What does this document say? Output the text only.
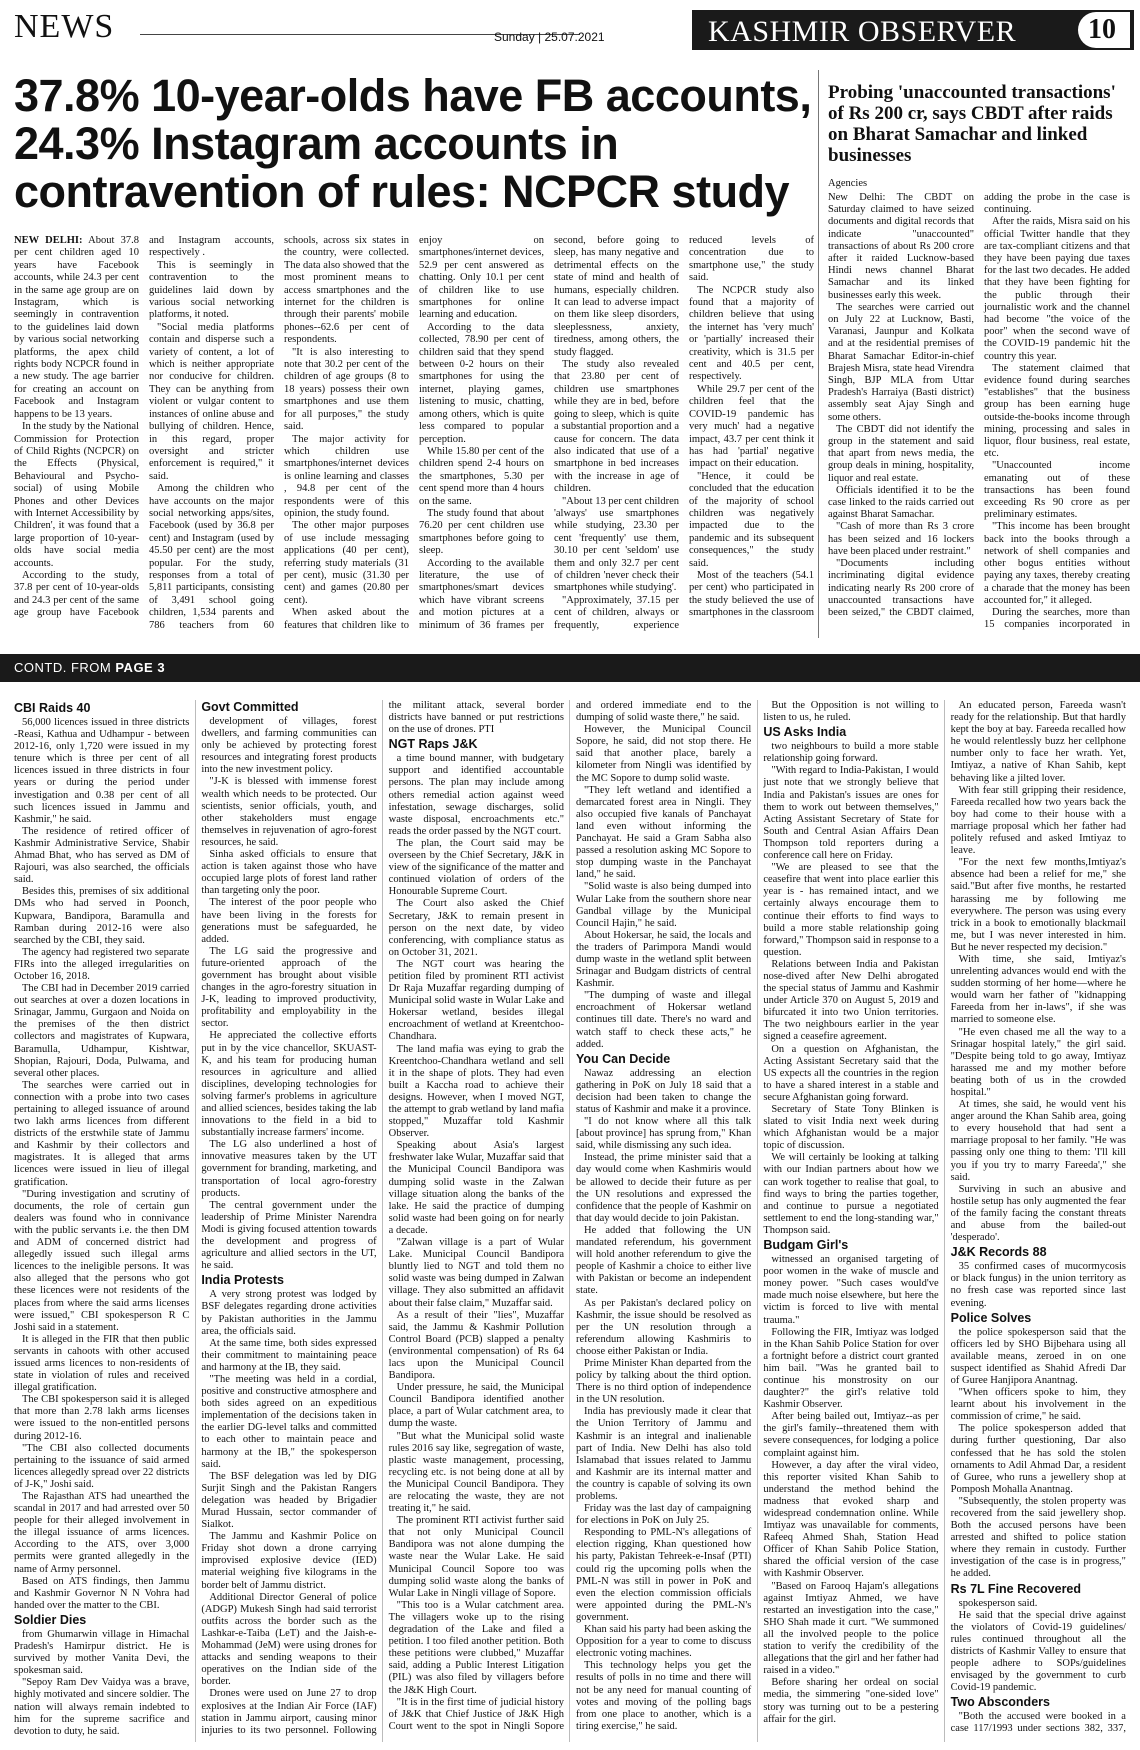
NEWS	Sunday | 25.07.2021	KASHMIR OBSERVER	10
37.8% 10-year-olds have FB accounts, 24.3% Instagram accounts in contravention of rules: NCPCR study

NEW DELHI: About 37.8 per cent children aged 10 years have Facebook accounts, while 24.3 per cent in the same age group are on Instagram, which is seemingly in contravention to the guidelines laid down by various social networking platforms, the apex child rights body NCPCR found in a new study. The age barrier for creating an account on Facebook and Instagram happens to be 13 years.

In the study by the National Commission for Protection of Child Rights (NCPCR) on the Effects (Physical, Behavioural and Psycho-social) of using Mobile Phones and other Devices with Internet Accessibility by Children', it was found that a large proportion of 10-year-olds have social media accounts.

According to the study, 37.8 per cent of 10-year-olds and 24.3 per cent of the same age group have Facebook and Instagram accounts, respectively .

This is seemingly in contravention to the guidelines laid down by various social networking platforms, it noted.

"Social media platforms contain and disperse such a variety of content, a lot of which is neither appropriate nor conducive for children. They can be anything from violent or vulgar content to instances of online abuse and bullying of children. Hence, in this regard, proper oversight and stricter enforcement is required," it said.

Among the children who have accounts on the major social networking apps/sites, Facebook (used by 36.8 per cent) and Instagram (used by 45.50 per cent) are the most popular. For the study, responses from a total of 5,811 participants, consisting of 3,491 school going children, 1,534 parents and 786 teachers from 60 schools, across six states in the country, were collected. The data also showed that the most prominent means to access smartphones and the internet for the children is through their parents' mobile phones--62.6 per cent of respondents.

"It is also interesting to note that 30.2 per cent of the children of age groups (8 to 18 years) possess their own smartphones and use them for all purposes," the study said.

The major activity for which children use smartphones/internet devices is online learning and classes , 94.8 per cent of the respondents were of this opinion, the study found.

The other major purposes of use include messaging applications (40 per cent), referring study materials (31 per cent), music (31.30 per cent) and games (20.80 per cent).

When asked about the features that children like to enjoy on smartphones/internet devices, 52.9 per cent answered as chatting. Only 10.1 per cent of children like to use smartphones for online learning and education.

According to the data collected, 78.90 per cent of children said that they spend between 0-2 hours on their smartphones for using the internet, playing games, listening to music, chatting, among others, which is quite less compared to popular perception.

While 15.80 per cent of the children spend 2-4 hours on the smartphones, 5.30 per cent spend more than 4 hours on the same.

The study found that about 76.20 per cent children use smartphones before going to sleep.

According to the available literature, the use of smartphones/smart devices which have vibrant screens and motion pictures at a minimum of 36 frames per second, before going to sleep, has many negative and detrimental effects on the state of mind and health of humans, especially children. It can lead to adverse impact on them like sleep disorders, sleeplessness, anxiety, tiredness, among others, the study flagged.

The study also revealed that 23.80 per cent of children use smartphones while they are in bed, before going to sleep, which is quite a substantial proportion and a cause for concern. The data also indicated that use of a smartphone in bed increases with the increase in age of children.

"About 13 per cent children 'always' use smartphones while studying, 23.30 per cent 'frequently' use them, 30.10 per cent 'seldom' use them and only 32.7 per cent of children 'never check their smartphones while studying'.

"Approximately, 37.15 per cent of children, always or frequently, experience reduced levels of concentration due to smartphone use," the study said.

The NCPCR study also found that a majority of children believe that using the internet has 'very much' or 'partially' increased their creativity, which is 31.5 per cent and 40.5 per cent, respectively.

While 29.7 per cent of the children feel that the COVID-19 pandemic has very much' had a negative impact, 43.7 per cent think it has had 'partial' negative impact on their education.

"Hence, it could be concluded that the education of the majority of school children was negatively impacted due to the pandemic and its subsequent consequences," the study said.

Most of the teachers (54.1 per cent) who participated in the study believed the use of smartphones in the classroom

Probing 'unaccounted transactions' of Rs 200 cr, says CBDT after raids on Bharat Samachar and linked businesses
Agencies

New Delhi: The CBDT on Saturday claimed to have seized documents and digital records that indicate "unaccounted" transactions of about Rs 200 crore after it raided Lucknow-based Hindi news channel Bharat Samachar and its linked businesses early this week.

The searches were carried out on July 22 at Lucknow, Basti, Varanasi, Jaunpur and Kolkata and at the residential premises of Bharat Samachar Editor-in-chief Brajesh Misra, state head Virendra Singh, BJP MLA from Uttar Pradesh's Harraiya (Basti district) assembly seat Ajay Singh and some others.

The CBDT did not identify the group in the statement and said that apart from news media, the group deals in mining, hospitality, liquor and real estate.

Officials identified it to be the case linked to the raids carried out against Bharat Samachar.

"Cash of more than Rs 3 crore has been seized and 16 lockers have been placed under restraint."

"Documents including incriminating digital evidence indicating nearly Rs 200 crore of unaccounted transactions have been seized," the CBDT claimed, adding the probe in the case is continuing.

After the raids, Misra said on his official Twitter handle that they are tax-compliant citizens and that they have been paying due taxes for the last two decades. He added that they have been fighting for the public through their journalistic work and the channel had become "the voice of the poor" when the second wave of the COVID-19 pandemic hit the country this year.

The statement claimed that evidence found during searches "establishes" that the business group has been earning huge outside-the-books income through mining, processing and sales in liquor, flour business, real estate, etc.

"Unaccounted income emanating out of these transactions has been found exceeding Rs 90 crore as per preliminary estimates.

"This income has been brought back into the books through a network of shell companies and other bogus entities without paying any taxes, thereby creating a charade that the money has been accounted for," it alleged.

During the searches, more than 15 companies incorporated in

CONTD. FROM PAGE 3
CBI Raids 40

56,000 licences issued in three districts -Reasi, Kathua and Udhampur - between 2012-16, only 1,720 were issued in my tenure which is three per cent of all licences issued in three districts in four years or during the period under investigation and 0.38 per cent of all such licences issued in Jammu and Kashmir," he said.

The residence of retired officer of Kashmir Administrative Service, Shabir Ahmad Bhat, who has served as DM of Rajouri, was also searched, the officials said.

Besides this, premises of six additional DMs who had served in Poonch, Kupwara, Bandipora, Baramulla and Ramban during 2012-16 were also searched by the CBI, they said.

The agency had registered two separate FIRs into the alleged irregularities on October 16, 2018.

The CBI had in December 2019 carried out searches at over a dozen locations in Srinagar, Jammu, Gurgaon and Noida on the premises of the then district collectors and magistrates of Kupwara, Baramulla, Udhampur, Kishtwar, Shopian, Rajouri, Doda, Pulwama, and several other places.

The searches were carried out in connection with a probe into two cases pertaining to alleged issuance of around two lakh arms licences from different districts of the erstwhile state of Jammu and Kashmir by their collectors and magistrates. It is alleged that arms licences were issued in lieu of illegal gratification.

"During investigation and scrutiny of documents, the role of certain gun dealers was found who in connivance with the public servants i.e. the then DM and ADM of concerned district had allegedly issued such illegal arms licences to the ineligible persons. It was also alleged that the persons who got these licences were not residents of the places from where the said arms licenses were issued," CBI spokesperson R C Joshi said in a statement.

It is alleged in the FIR that then public servants in cahoots with other accused issued arms licences to non-residents of state in violation of rules and received illegal gratification.

The CBI spokesperson said it is alleged that more than 2.78 lakh arms licenses were issued to the non-entitled persons during 2012-16.

"The CBI also collected documents pertaining to the issuance of said armed licences allegedly spread over 22 districts of J-K," Joshi said.

The Rajasthan ATS had unearthed the scandal in 2017 and had arrested over 50 people for their alleged involvement in the illegal issuance of arms licences. According to the ATS, over 3,000 permits were granted allegedly in the name of Army personnel.

Based on ATS findings, then Jammu and Kashmir Governor N N Vohra had handed over the matter to the CBI.

Soldier Dies

from Ghumarwin village in Himachal Pradesh's Hamirpur district. He is survived by mother Vanita Devi, the spokesman said.

"Sepoy Ram Dev Vaidya was a brave, highly motivated and sincere soldier. The nation will always remain indebted to him for the supreme sacrifice and devotion to duty, he said.

Govt Committed

development of villages, forest dwellers, and farming communities can only be achieved by protecting forest resources and integrating forest products into the new investment policy.

"J-K is blessed with immense forest wealth which needs to be protected. Our scientists, senior officials, youth, and other stakeholders must engage themselves in rejuvenation of agro-forest resources, he said.

Sinha asked officials to ensure that action is taken against those who have occupied large plots of forest land rather than targeting only the poor.

The interest of the poor people who have been living in the forests for generations must be safeguarded, he added.

The LG said the progressive and future-oriented approach of the government has brought about visible changes in the agro-forestry situation in J-K, leading to improved productivity, profitability and employability in the sector.

He appreciated the collective efforts put in by the vice chancellor, SKUAST-K, and his team for producing human resources in agriculture and allied disciplines, developing technologies for solving farmer's problems in agriculture and allied sciences, besides taking the lab innovations to the field in a bid to substantially increase farmers' income.

The LG also underlined a host of innovative measures taken by the UT government for branding, marketing, and transportation of local agro-forestry products.

The central government under the leadership of Prime Minister Narendra Modi is giving focused attention towards the development and progress of agriculture and allied sectors in the UT, he said.

India Protests

A very strong protest was lodged by BSF delegates regarding drone activities by Pakistan authorities in the Jammu area, the officials said.

At the same time, both sides expressed their commitment to maintaining peace and harmony at the IB, they said.

"The meeting was held in a cordial, positive and constructive atmosphere and both sides agreed on an expeditious implementation of the decisions taken in the earlier DG-level talks and committed to each other to maintain peace and harmony at the IB," the spokesperson said.

The BSF delegation was led by DIG Surjit Singh and the Pakistan Rangers delegation was headed by Brigadier Murad Hussain, sector commander of Sialkot.

The Jammu and Kashmir Police on Friday shot down a drone carrying improvised explosive device (IED) material weighing five kilograms in the border belt of Jammu district.

Additional Director General of police (ADGP) Mukesh Singh had said terrorist outfits across the border such as the Lashkar-e-Taiba (LeT) and the Jaish-e-Mohammad (JeM) were using drones for attacks and sending weapons to their operatives on the Indian side of the border.

Drones were used on June 27 to drop explosives at the Indian Air Force (IAF) station in Jammu airport, causing minor injuries to its two personnel. Following the militant attack, several border districts have banned or put restrictions on the use of drones. PTI

NGT Raps J&K

a time bound manner, with budgetary support and identified accountable persons. The plan may include among others remedial action against weed infestation, sewage discharges, solid waste disposal, encroachments etc." reads the order passed by the NGT court.

The plan, the Court said may be overseen by the Chief Secretary, J&K in view of the significance of the matter and continued violation of orders of the Honourable Supreme Court.

The Court also asked the Chief Secretary, J&K to remain present in person on the next date, by video conferencing, with compliance status as on October 31, 2021.

The NGT court was hearing the petition filed by prominent RTI activist Dr Raja Muzaffar regarding dumping of Municipal solid waste in Wular Lake and Hokersar wetland, besides illegal encroachment of wetland at Kreentchoo-Chandhara.

The land mafia was eying to grab the Kreentchoo-Chandhara wetland and sell it in the shape of plots. They had even built a Kaccha road to achieve their designs. However, when I moved NGT, the attempt to grab wetland by land mafia stopped," Muzaffar told Kashmir Observer.

Speaking about Asia's largest freshwater lake Wular, Muzaffar said that the Municipal Council Bandipora was dumping solid waste in the Zalwan village situation along the banks of the lake. He said the practice of dumping solid waste had been going on for nearly a decade.

"Zalwan village is a part of Wular Lake. Municipal Council Bandipora bluntly lied to NGT and told them no solid waste was being dumped in Zalwan village. They also submitted an affidavit about their false claim," Muzaffar said.

As a result of their "lies", Muzaffar said, the Jammu & Kashmir Pollution Control Board (PCB) slapped a penalty (environmental compensation) of Rs 64 lacs upon the Municipal Council Bandipora.

Under pressure, he said, the Municipal Council Bandipora identified another place, a part of Wular catchment area, to dump the waste.

"But what the Municipal solid waste rules 2016 say like, segregation of waste, plastic waste management, processing, recycling etc. is not being done at all by the Municipal Council Bandipora. They are relocating the waste, they are not treating it," he said.

The prominent RTI activist further said that not only Municipal Council Bandipora was not alone dumping the waste near the Wular Lake. He said Municipal Council Sopore too was dumping solid waste along the banks of Wular Lake in Ningli village of Sopore.

"This too is a Wular catchment area. The villagers woke up to the rising degradation of the Lake and filed a petition. I too filed another petition. Both these petitions were clubbed," Muzaffar said, adding a Public Interest Litigation (PIL) was also filed by villagers before the J&K High Court.

"It is in the first time of judicial history of J&K that Chief Justice of J&K High Court went to the spot in Ningli Sopore and ordered immediate end to the dumping of solid waste there," he said.

However, the Municipal Council Sopore, he said, did not stop there. He said that another place, barely a kilometer from Ningli was identified by the MC Sopore to dump solid waste.

"They left wetland and identified a demarcated forest area in Ningli. They also occupied five kanals of Panchayat land even without informing the Panchayat. He said a Gram Sabha also passed a resolution asking MC Sopore to stop dumping waste in the Panchayat land," he said.

"Solid waste is also being dumped into Wular Lake from the southern shore near Gandbal village by the Municipal Council Hajin," he said.

About Hokersar, he said, the locals and the traders of Parimpora Mandi would dump waste in the wetland split between Srinagar and Budgam districts of central Kashmir.

"The dumping of waste and illegal encroachment of Hokersar wetland continues till date. There's no ward and watch staff to check these acts," he added.

You Can Decide

Nawaz addressing an election gathering in PoK on July 18 said that a decision had been taken to change the status of Kashmir and make it a province.

"I do not know where all this talk [about province] has sprung from," Khan said, while dismissing any such idea.

Instead, the prime minister said that a day would come when Kashmiris would be allowed to decide their future as per the UN resolutions and expressed the confidence that the people of Kashmir on that day would decide to join Pakistan.

He added that following the UN mandated referendum, his government will hold another referendum to give the people of Kashmir a choice to either live with Pakistan or become an independent state.

As per Pakistan's declared policy on Kashmir, the issue should be resolved as per the UN resolution through a referendum allowing Kashmiris to choose either Pakistan or India.

Prime Minister Khan departed from the policy by talking about the third option. There is no third option of independence in the UN resolution.

India has previously made it clear that the Union Territory of Jammu and Kashmir is an integral and inalienable part of India. New Delhi has also told Islamabad that issues related to Jammu and Kashmir are its internal matter and the country is capable of solving its own problems.

Friday was the last day of campaigning for elections in PoK on July 25.

Responding to PML-N's allegations of election rigging, Khan questioned how his party, Pakistan Tehreek-e-Insaf (PTI) could rig the upcoming polls when the PML-N was still in power in PoK and even the election commission officials were appointed during the PML-N's government.

Khan said his party had been asking the Opposition for a year to come to discuss electronic voting machines.

This technology helps you get the results of polls in no time and there will not be any need for manual counting of votes and moving of the polling bags from one place to another, which is a tiring exercise," he said.

But the Opposition is not willing to listen to us, he ruled.

US Asks India

two neighbours to build a more stable relationship going forward.

"With regard to India-Pakistan, I would just note that we strongly believe that India and Pakistan's issues are ones for them to work out between themselves," Acting Assistant Secretary of State for South and Central Asian Affairs Dean Thompson told reporters during a conference call here on Friday.

"We are pleased to see that the ceasefire that went into place earlier this year is - has remained intact, and we certainly always encourage them to continue their efforts to find ways to build a more stable relationship going forward," Thompson said in response to a question.

Relations between India and Pakistan nose-dived after New Delhi abrogated the special status of Jammu and Kashmir under Article 370 on August 5, 2019 and bifurcated it into two Union territories. The two neighbours earlier in the year signed a ceasefire agreement.

On a question on Afghanistan, the Acting Assistant Secretary said that the US expects all the countries in the region to have a shared interest in a stable and secure Afghanistan going forward.

Secretary of State Tony Blinken is slated to visit India next week during which Afghanistan would be a major topic of discussion.

We will certainly be looking at talking with our Indian partners about how we can work together to realise that goal, to find ways to bring the parties together, and continue to pursue a negotiated settlement to end the long-standing war," Thompson said.

Budgam Girl's

witnessed an organised targeting of poor women in the wake of muscle and money power. "Such cases would've made much noise elsewhere, but here the victim is forced to live with mental trauma."

Following the FIR, Imtiyaz was lodged in the Khan Sahib Police Station for over a fortnight before a district court granted him bail. "Was he granted bail to continue his monstrosity on our daughter?" the girl's relative told Kashmir Observer.

After being bailed out, Imtiyaz--as per the girl's family--threatened them with severe consequences, for lodging a police complaint against him.

However, a day after the viral video, this reporter visited Khan Sahib to understand the method behind the madness that evoked sharp and widespread condemnation online. While Imtiyaz was unavailable for comments, Rafeeq Ahmed Shah, Station Head Officer of Khan Sahib Police Station, shared the official version of the case with Kashmir Observer.

"Based on Farooq Hajam's allegations against Imtiyaz Ahmed, we have restarted an investigation into the case," SHO Shah made it curt. "We summoned all the involved people to the police station to verify the credibility of the allegations that the girl and her father had raised in a video."

Before sharing her ordeal on social media, the simmering "one-sided love" story was turning out to be a pestering affair for the girl.

An educated person, Fareeda wasn't ready for the relationship. But that hardly kept the boy at bay. Fareeda recalled how he would relentlessly buzz her cellphone number only to face her wrath. Yet, Imtiyaz, a native of Khan Sahib, kept behaving like a jilted lover.

With fear still gripping their residence, Fareeda recalled how two years back the boy had come to their house with a marriage proposal which her father had politely refused and asked Imtiyaz to leave.

"For the next few months,Imtiyaz's absence had been a relief for me," she said."But after five months, he restarted harassing me by following me everywhere. The person was using every trick in a book to emotionally blackmail me, but I was never interested in him. But he never respected my decision."

With time, she said, Imtiyaz's unrelenting advances would end with the sudden storming of her home—where he would warn her father of "kidnapping Fareeda from her in-laws", if she was married to someone else.

"He even chased me all the way to a Srinagar hospital lately," the girl said. "Despite being told to go away, Imtiyaz harassed me and my mother before beating both of us in the crowded hospital."

At times, she said, he would vent his anger around the Khan Sahib area, going to every household that had sent a marriage proposal to her family. "He was passing only one thing to them: 'I'll kill you if you try to marry Fareeda'," she said.

Surviving in such an abusive and hostile setup has only augmented the fear of the family facing the constant threats and abuse from the bailed-out 'desperado'.

J&K Records 88

35 confirmed cases of mucormycosis or black fungus) in the union territory as no fresh case was reported since last evening.

Police Solves

the police spokesperson said that the officers led by SHO Bijbehara using all available means, zeroed in on one suspect identified as Shahid Afredi Dar of Guree Hanjipora Anantnag.

"When officers spoke to him, they learnt about his involvement in the commission of crime," he said.

The police spokesperson added that during further questioning, Dar also confessed that he has sold the stolen ornaments to Adil Ahmad Dar, a resident of Guree, who runs a jewellery shop at Pomposh Mohalla Anantnag.

"Subsequently, the stolen property was recovered from the said jewellery shop. Both the accused persons have been arrested and shifted to police station where they remain in custody. Further investigation of the case is in progress," he added.

Rs 7L Fine Recovered

spokesperson said.

He said that the special drive against the violators of Covid-19 guidelines/ rules continued throughout all the districts of Kashmir Valley to ensure that people adhere to SOPs/guidelines envisaged by the government to curb Covid-19 pandemic.

Two Absconders

"Both the accused were booked in a case 117/1993 under sections 382, 337,
